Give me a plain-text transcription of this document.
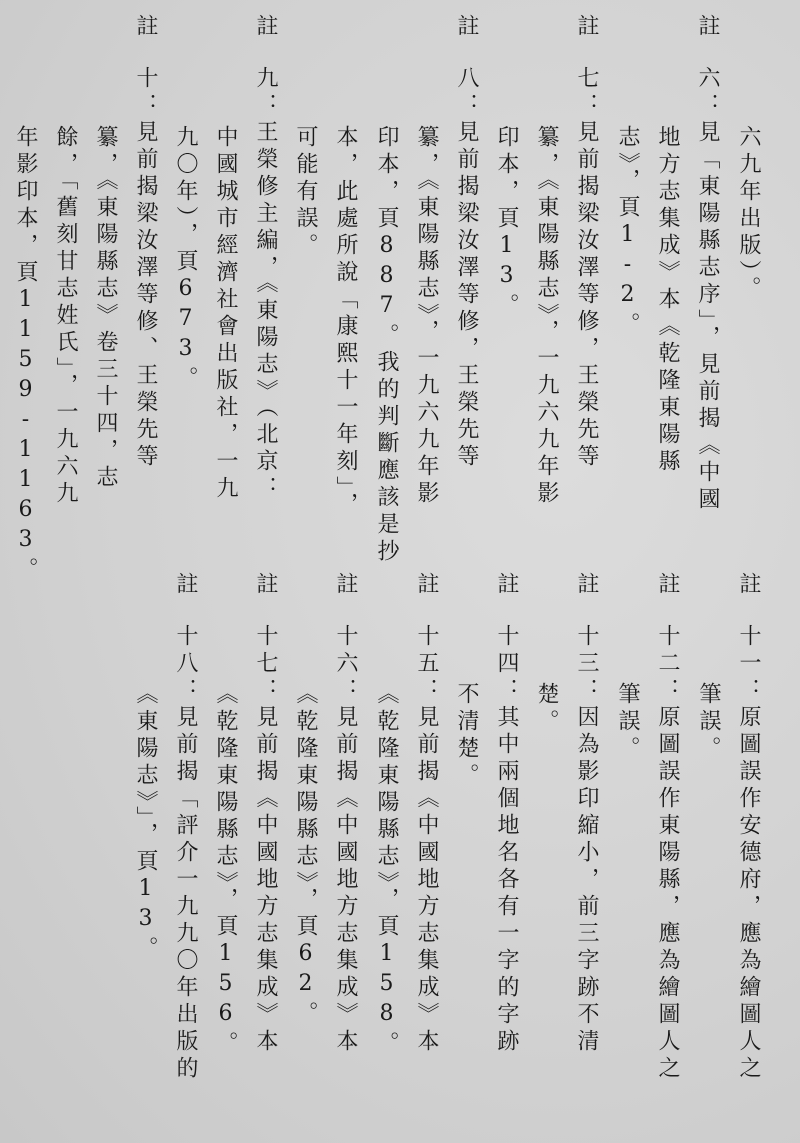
六九年出版）。
註
六：見「東陽縣志序」，見前揭《中國
地方志集成》本《乾隆東陽縣
志》，頁1-2。
註
七：見前揭梁汝澤等修，王榮先等
纂，《東陽縣志》，一九六九年影
印本，頁13。
註
八：見前揭梁汝澤等修，王榮先等
纂，《東陽縣志》，一九六九年影
印本，頁887。我的判斷應該是抄
本，此處所說「康熙十一年刻」，
可能有誤。
註
九：王榮修主編，《東陽志》（北京：
中國城市經濟社會出版社，一九
九〇年），頁673。
註
十：見前揭梁汝澤等修、王榮先等
纂，《東陽縣志》卷三十四，志
餘，「舊刻甘志姓氏」，一九六九
年影印本，頁1159-1163。
註
十一：原圖誤作安德府，應為繪圖人之
筆誤。
註
十二：原圖誤作東陽縣，應為繪圖人之
筆誤。
註
十三：因為影印縮小，前三字跡不清
楚。
註
十四：其中兩個地名各有一字的字跡
不清楚。
註
十五：見前揭《中國地方志集成》本
《乾隆東陽縣志》，頁158。
註
十六：見前揭《中國地方志集成》本
《乾隆東陽縣志》，頁62。
註
十七：見前揭《中國地方志集成》本
《乾隆東陽縣志》，頁156。
註
十八：見前揭「評介一九九〇年出版的
《東陽志》」，頁13。
